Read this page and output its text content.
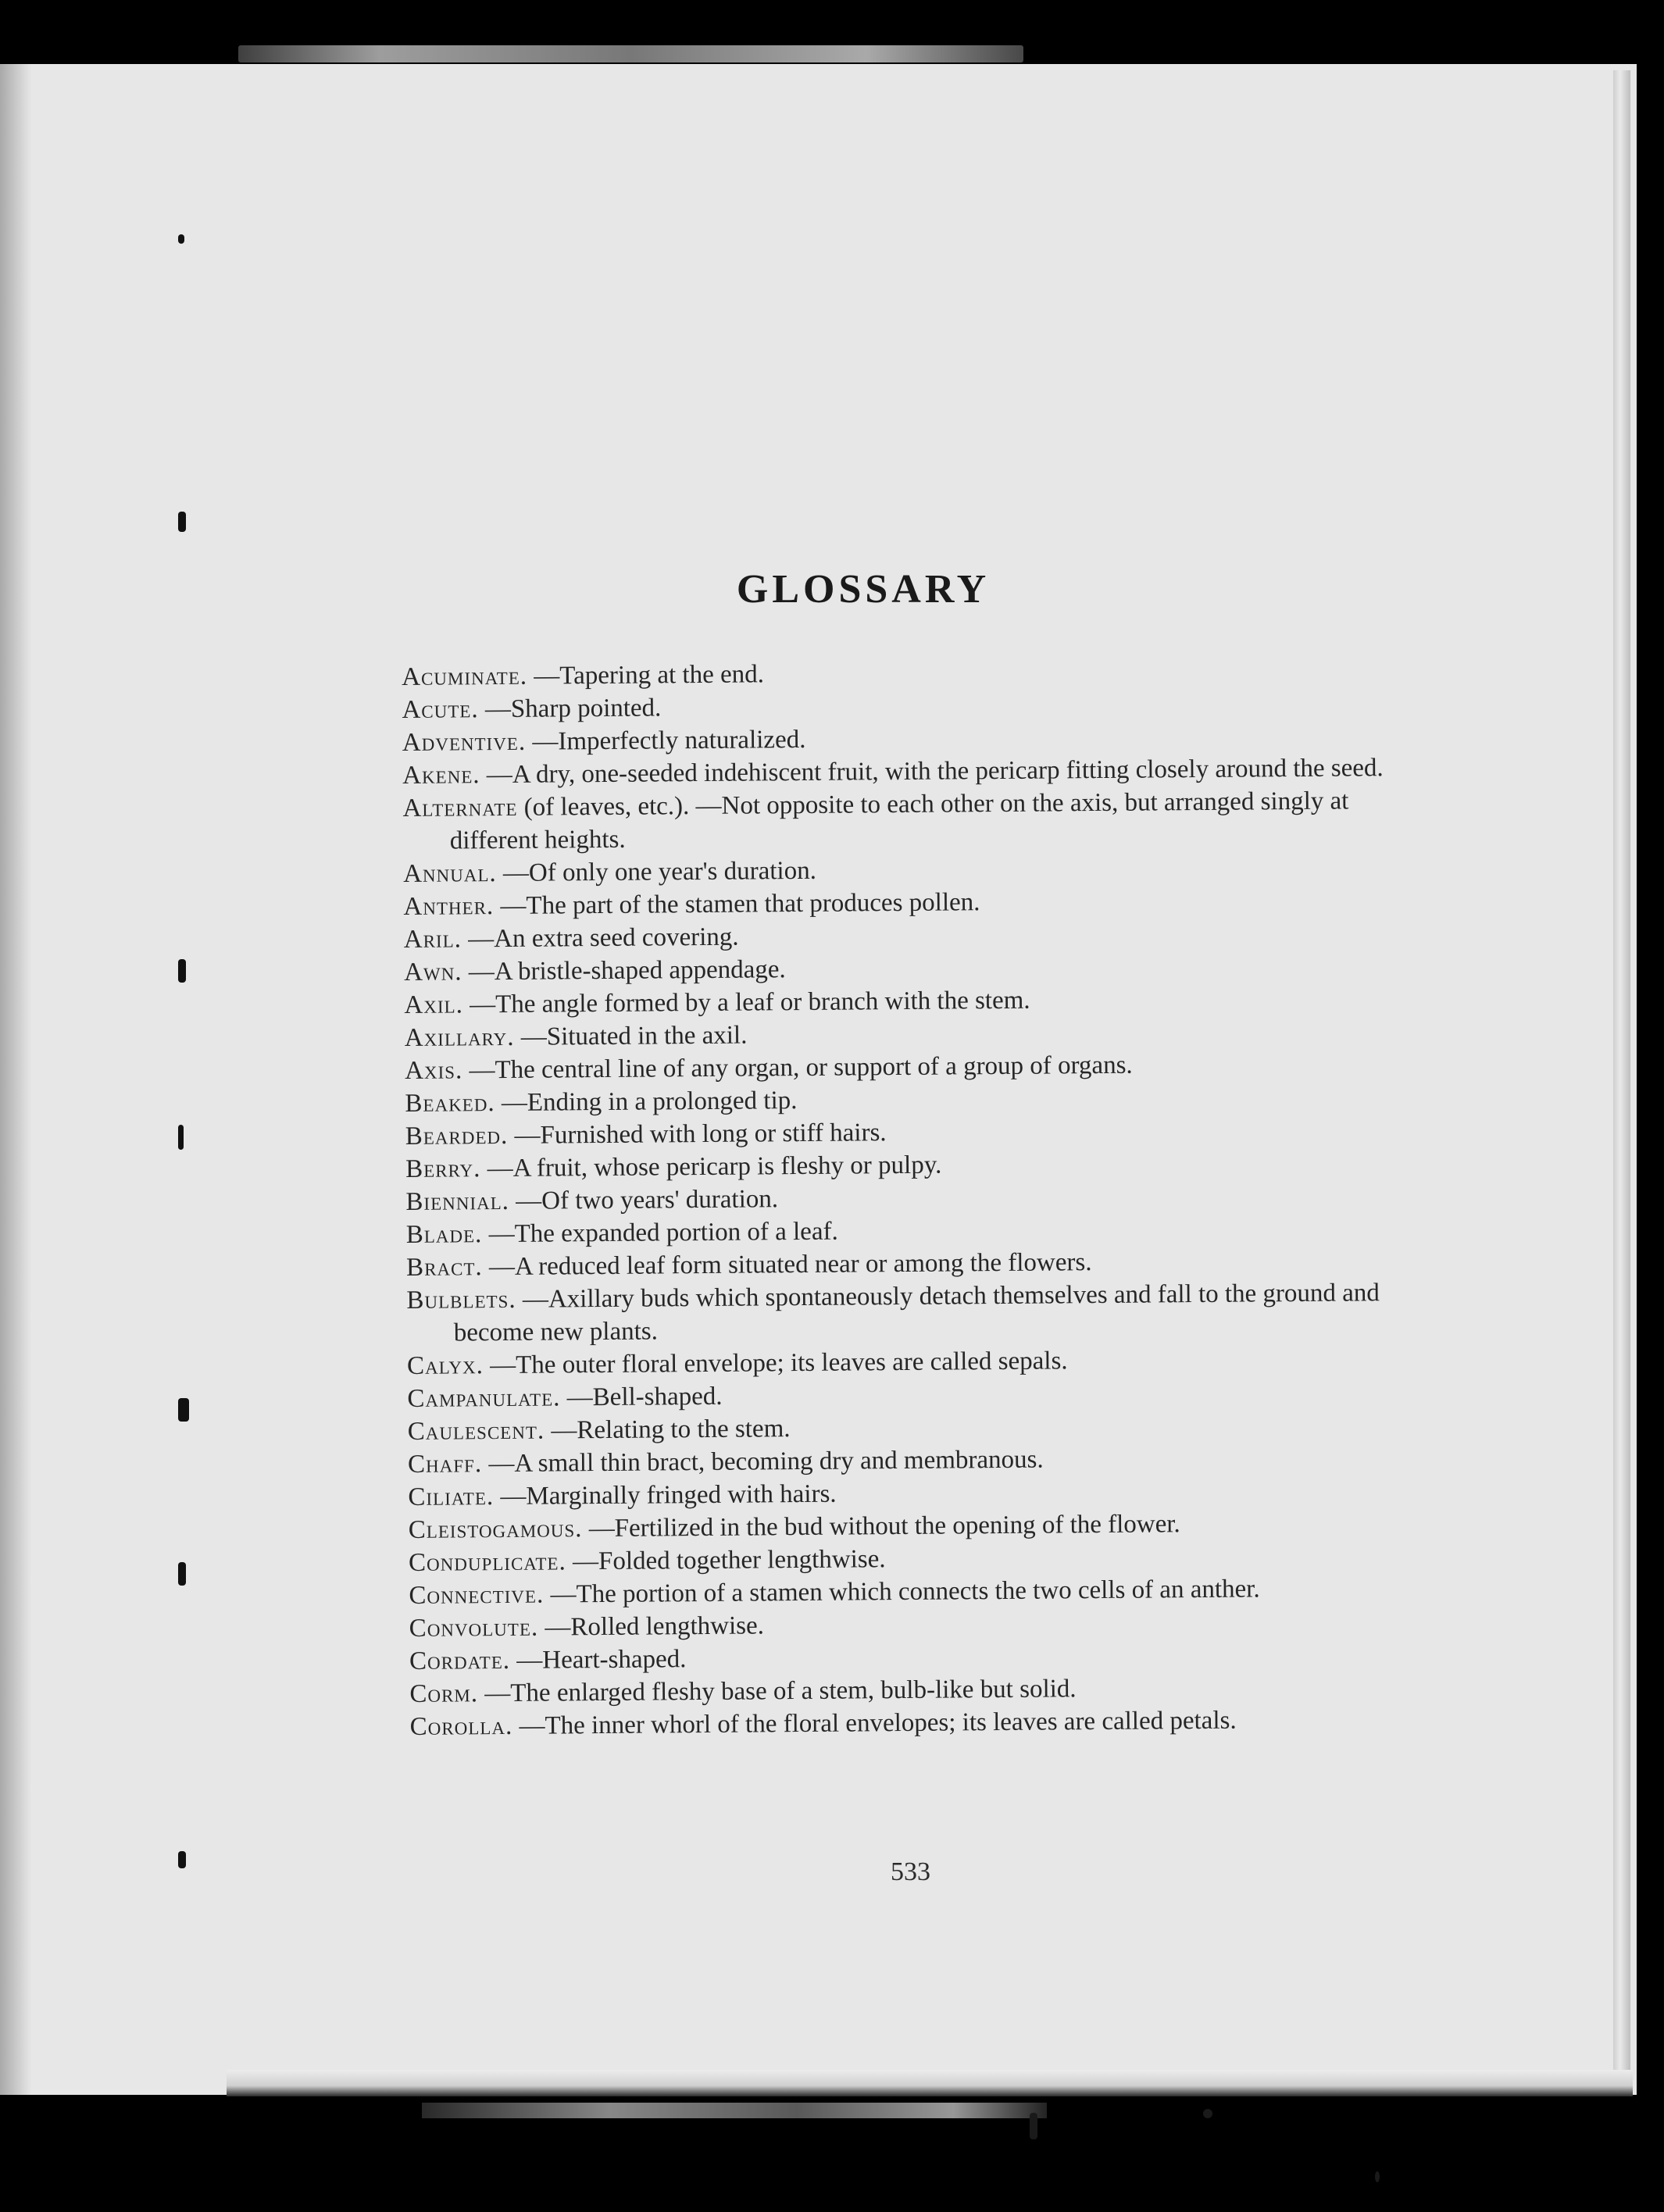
GLOSSARY

Acuminate. —Tapering at the end.

Acute. —Sharp pointed.

Adventive. —Imperfectly naturalized.

Akene. —A dry, one-seeded indehiscent fruit, with the pericarp fitting closely around the seed.

Alternate (of leaves, etc.). —Not opposite to each other on the axis, but arranged singly at different heights.

Annual. —Of only one year's duration.

Anther. —The part of the stamen that produces pollen.

Aril. —An extra seed covering.

Awn. —A bristle-shaped appendage.

Axil. —The angle formed by a leaf or branch with the stem.

Axillary. —Situated in the axil.

Axis. —The central line of any organ, or support of a group of organs.

Beaked. —Ending in a prolonged tip.

Bearded. —Furnished with long or stiff hairs.

Berry. —A fruit, whose pericarp is fleshy or pulpy.

Biennial. —Of two years' duration.

Blade. —The expanded portion of a leaf.

Bract. —A reduced leaf form situated near or among the flowers.

Bulblets. —Axillary buds which spontaneously detach themselves and fall to the ground and become new plants.

Calyx. —The outer floral envelope; its leaves are called sepals.

Campanulate. —Bell-shaped.

Caulescent. —Relating to the stem.

Chaff. —A small thin bract, becoming dry and membranous.

Ciliate. —Marginally fringed with hairs.

Cleistogamous. —Fertilized in the bud without the opening of the flower.

Conduplicate. —Folded together lengthwise.

Connective. —The portion of a stamen which connects the two cells of an anther.

Convolute. —Rolled lengthwise.

Cordate. —Heart-shaped.

Corm. —The enlarged fleshy base of a stem, bulb-like but solid.

Corolla. —The inner whorl of the floral envelopes; its leaves are called petals.

533
